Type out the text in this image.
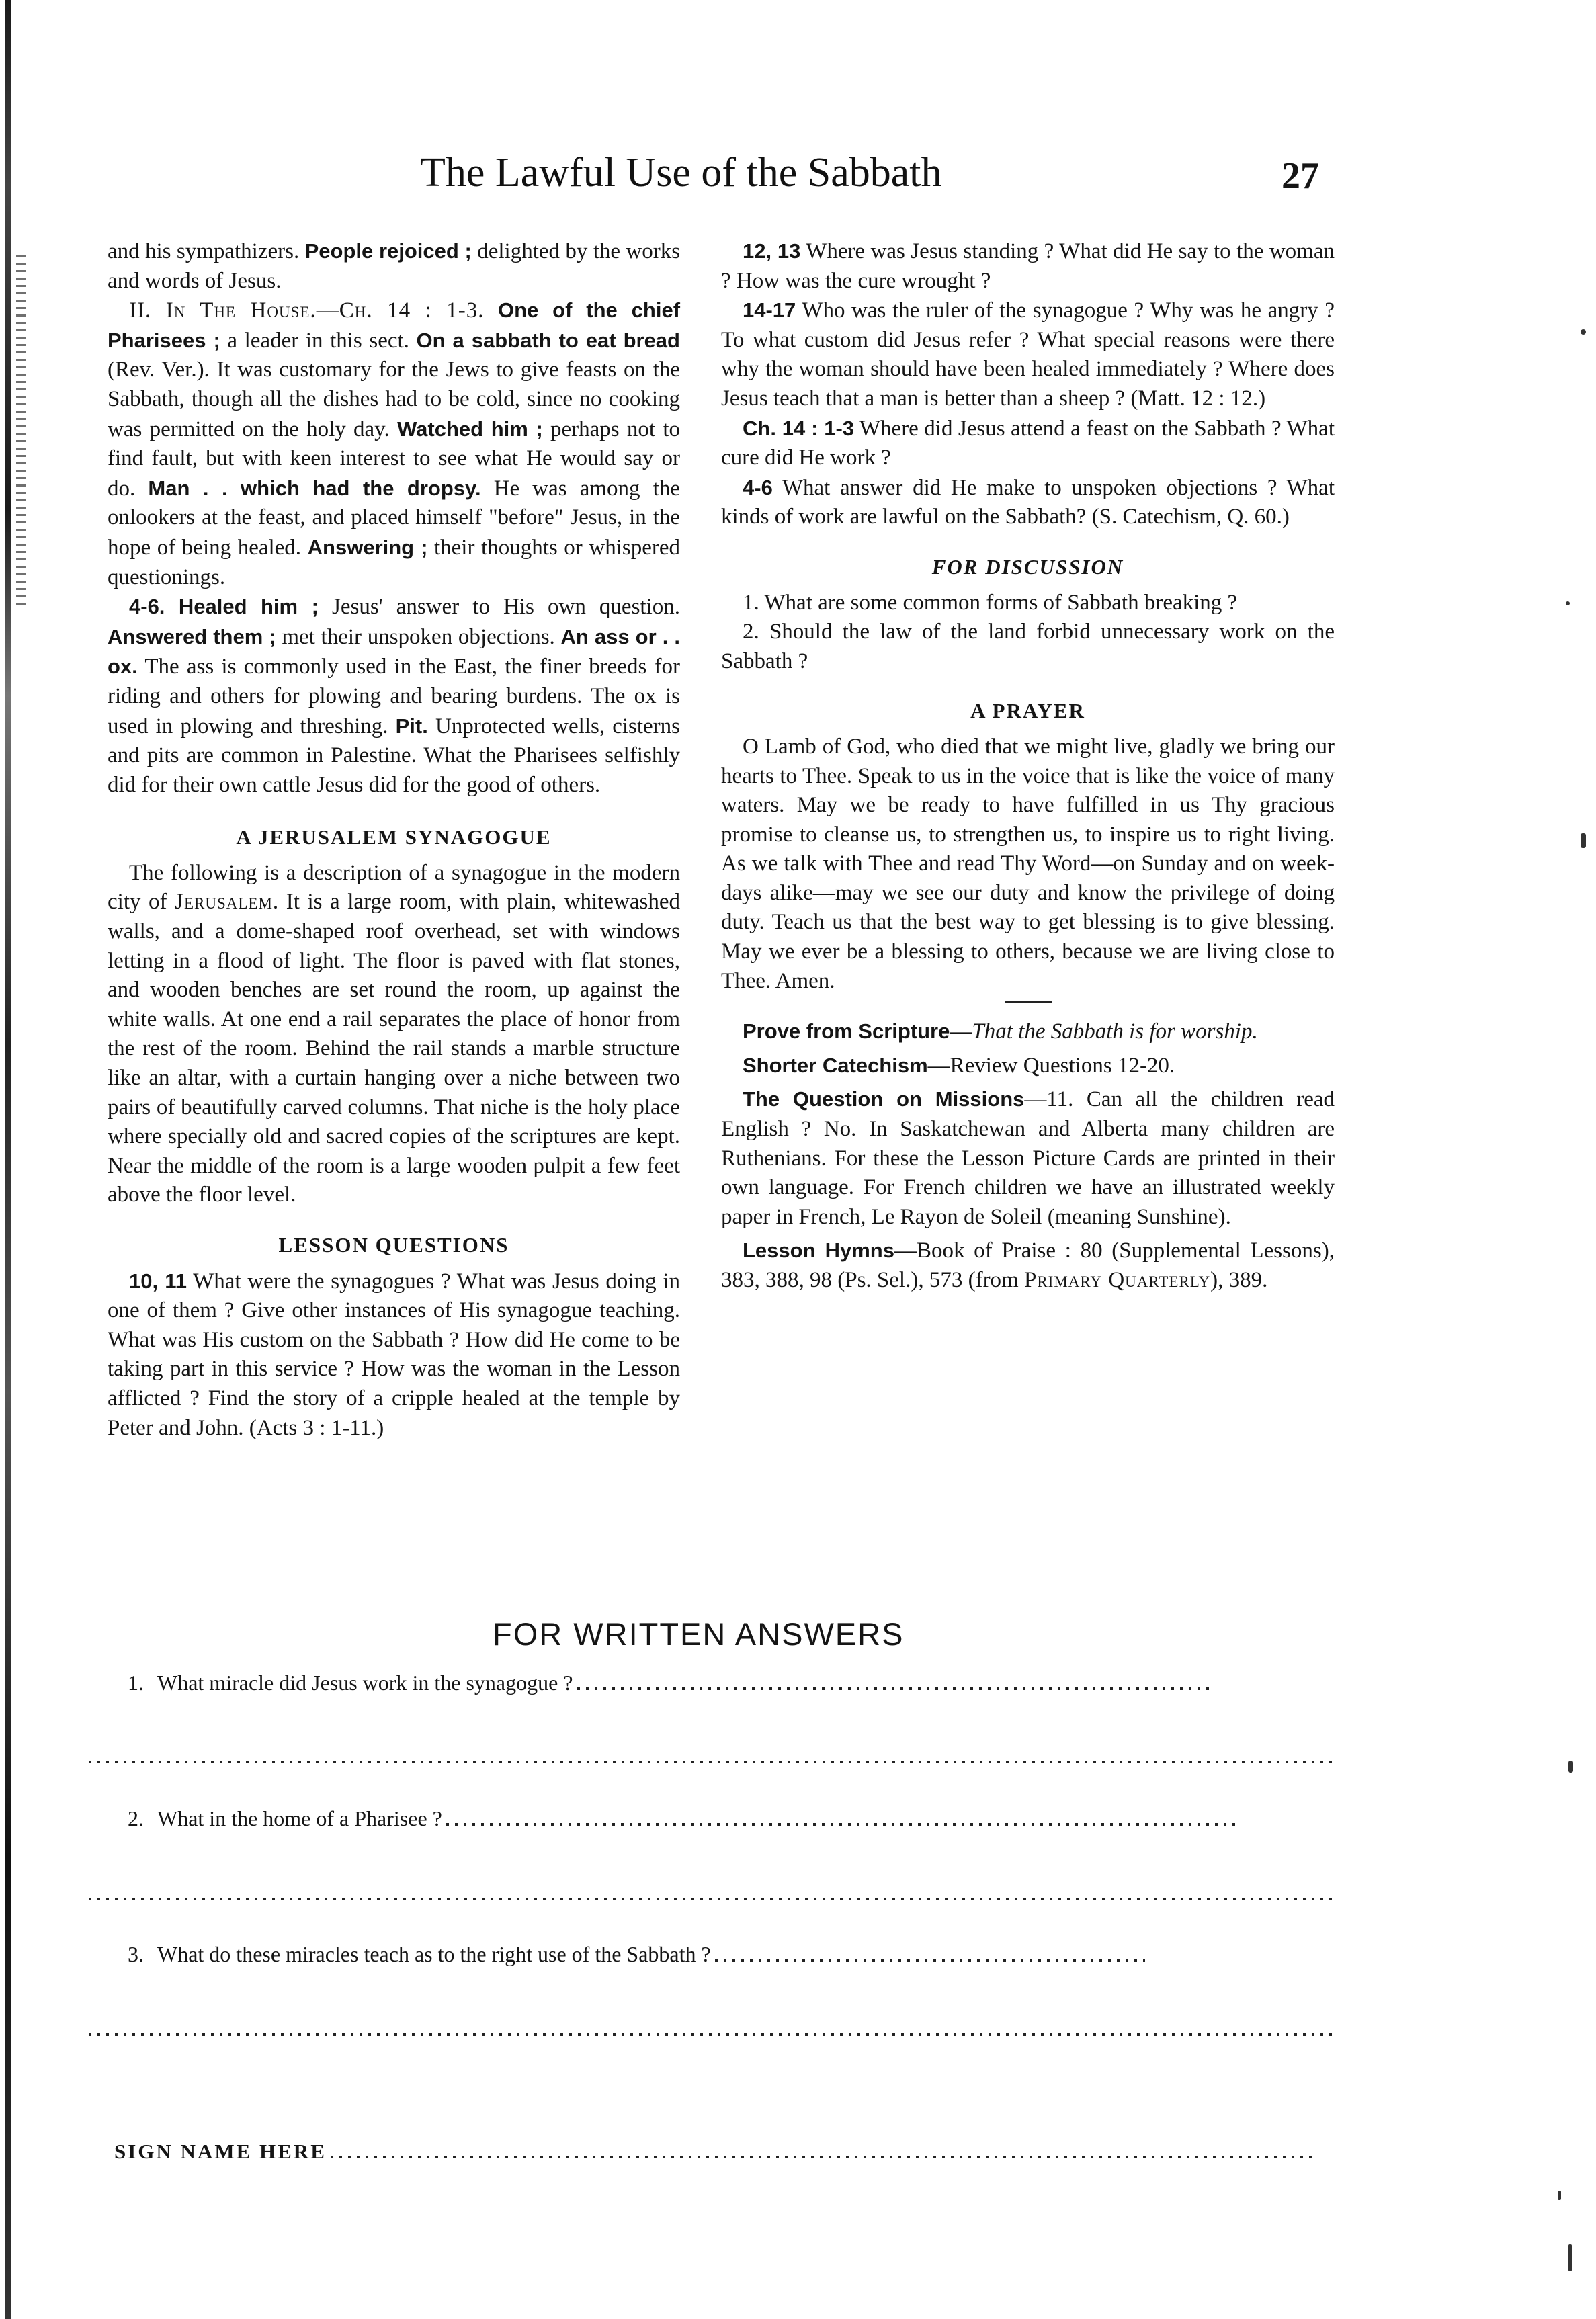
The Lawful Use of the Sabbath	27

and his sympathizers. People rejoiced ; delighted by the works and words of Jesus.

II. In The House.—Ch. 14 : 1-3. One of the chief Pharisees ; a leader in this sect. On a sabbath to eat bread (Rev. Ver.). It was customary for the Jews to give feasts on the Sabbath, though all the dishes had to be cold, since no cooking was permitted on the holy day. Watched him ; perhaps not to find fault, but with keen interest to see what He would say or do. Man . . which had the dropsy. He was among the onlookers at the feast, and placed himself "before" Jesus, in the hope of being healed. Answering ; their thoughts or whispered questionings.

4-6. Healed him ; Jesus' answer to His own question. Answered them ; met their unspoken objections. An ass or . . ox. The ass is commonly used in the East, the finer breeds for riding and others for plowing and bearing burdens. The ox is used in plowing and threshing. Pit. Unprotected wells, cisterns and pits are common in Palestine. What the Pharisees selfishly did for their own cattle Jesus did for the good of others.

A JERUSALEM SYNAGOGUE

The following is a description of a synagogue in the modern city of Jerusalem. It is a large room, with plain, whitewashed walls, and a dome-shaped roof overhead, set with windows letting in a flood of light. The floor is paved with flat stones, and wooden benches are set round the room, up against the white walls. At one end a rail separates the place of honor from the rest of the room. Behind the rail stands a marble structure like an altar, with a curtain hanging over a niche between two pairs of beautifully carved columns. That niche is the holy place where specially old and sacred copies of the scriptures are kept. Near the middle of the room is a large wooden pulpit a few feet above the floor level.

LESSON QUESTIONS

10, 11 What were the synagogues ? What was Jesus doing in one of them ? Give other instances of His synagogue teaching. What was His custom on the Sabbath ? How did He come to be taking part in this service ? How was the woman in the Lesson afflicted ? Find the story of a cripple healed at the temple by Peter and John. (Acts 3 : 1-11.)

12, 13 Where was Jesus standing ? What did He say to the woman ? How was the cure wrought ?

14-17 Who was the ruler of the synagogue ? Why was he angry ? To what custom did Jesus refer ? What special reasons were there why the woman should have been healed immediately ? Where does Jesus teach that a man is better than a sheep ? (Matt. 12 : 12.)

Ch. 14 : 1-3 Where did Jesus attend a feast on the Sabbath ? What cure did He work ?

4-6 What answer did He make to unspoken objections ? What kinds of work are lawful on the Sabbath? (S. Catechism, Q. 60.)

FOR DISCUSSION

1. What are some common forms of Sabbath breaking ?

2. Should the law of the land forbid unnecessary work on the Sabbath ?

A PRAYER

O Lamb of God, who died that we might live, gladly we bring our hearts to Thee. Speak to us in the voice that is like the voice of many waters. May we be ready to have fulfilled in us Thy gracious promise to cleanse us, to strengthen us, to inspire us to right living. As we talk with Thee and read Thy Word—on Sunday and on week-days alike—may we see our duty and know the privilege of doing duty. Teach us that the best way to get blessing is to give blessing. May we ever be a blessing to others, because we are living close to Thee. Amen.

Prove from Scripture—That the Sabbath is for worship.

Shorter Catechism—Review Questions 12-20.

The Question on Missions—11. Can all the children read English ? No. In Saskatchewan and Alberta many children are Ruthenians. For these the Lesson Picture Cards are printed in their own language. For French children we have an illustrated weekly paper in French, Le Rayon de Soleil (meaning Sunshine).

Lesson Hymns—Book of Praise : 80 (Supplemental Lessons), 383, 388, 98 (Ps. Sel.), 573 (from Primary Quarterly), 389.

FOR WRITTEN ANSWERS
1. What miracle did Jesus work in the synagogue ?
2. What in the home of a Pharisee ?
3. What do these miracles teach as to the right use of the Sabbath ?
SIGN NAME HERE
